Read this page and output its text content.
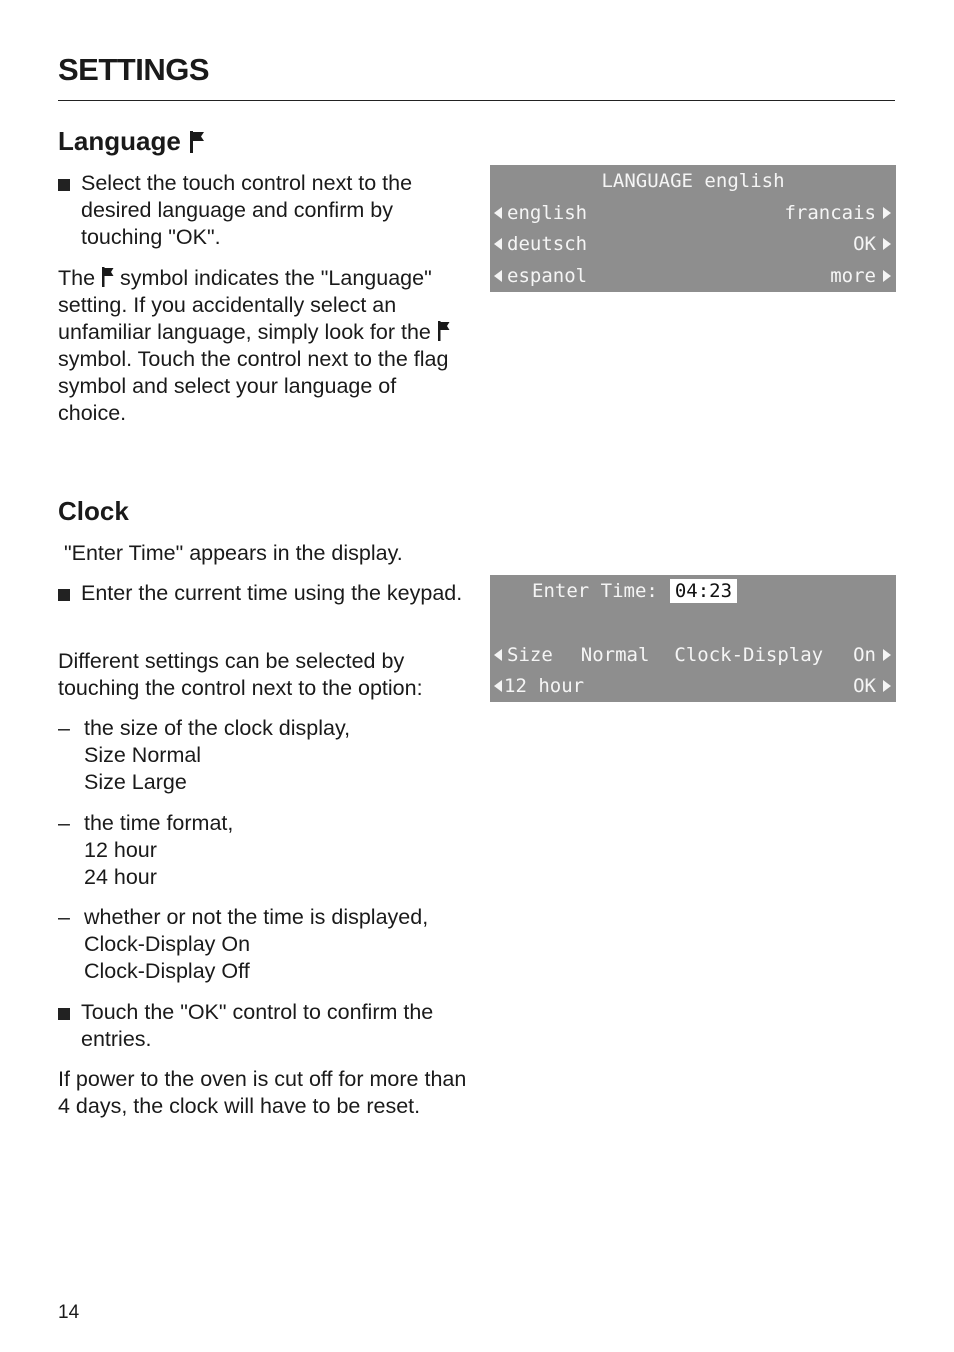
SETTINGS
Language
Select the touch control next to the desired language and confirm by touching "OK".
The symbol indicates the "Language" setting. If you accidentally select an unfamiliar language, simply look for the  symbol. Touch the control next to the flag symbol and select your language of choice.
LANGUAGE english
english	francais
deutsch	OK
espanol	more
Clock
"Enter Time" appears in the display.
Enter the current time using the keypad.
Different settings can be selected by touching the control next to the option:
– the size of the clock display,
Size Normal
Size Large
– the time format,
12 hour
24 hour
– whether or not the time is displayed,
Clock-Display On
Clock-Display Off
Touch the "OK" control to confirm the entries.
If power to the oven is cut off for more than 4 days, the clock will have to be reset.
Enter Time: 04:23
Size Normal Clock-Display On
12 hour	OK
14
